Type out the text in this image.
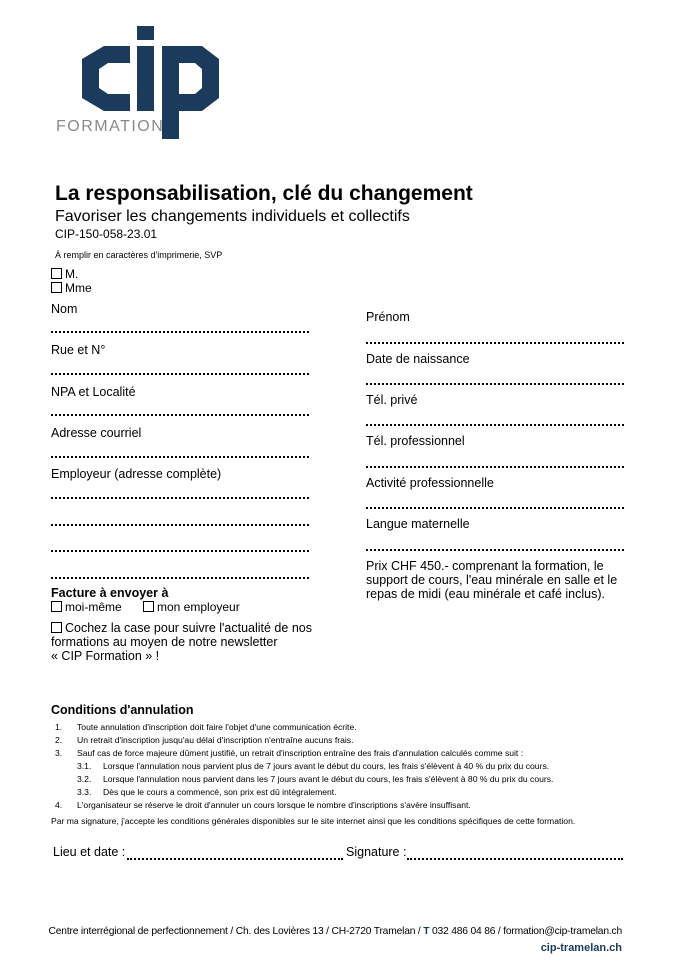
FORMATION
La responsabilisation, clé du changement
Favoriser les changements individuels et collectifs
CIP-150-058-23.01
À remplir en caractères d'imprimerie, SVP
M.
Mme
Nom
Rue et N°
NPA et Localité
Adresse courriel
Employeur (adresse complète)
Prénom
Date de naissance
Tél. privé
Tél. professionnel
Activité professionnelle
Langue maternelle
Prix CHF 450.- comprenant la formation, le support de cours, l'eau minérale en salle et le repas de midi (eau minérale et café inclus).
Facture à envoyer à
moi-même	mon employeur
Cochez la case pour suivre l'actualité de nos
formations au moyen de notre newsletter
« CIP Formation » !
Conditions d'annulation
1. Toute annulation d'inscription doit faire l'objet d'une communication écrite.
2. Un retrait d'inscription jusqu'au délai d'inscription n'entraîne aucuns frais.
3. Sauf cas de force majeure dûment justifié, un retrait d'inscription entraîne des frais d'annulation calculés comme suit :
3.1. Lorsque l'annulation nous parvient plus de 7 jours avant le début du cours, les frais s'élèvent à 40 % du prix du cours.
3.2. Lorsque l'annulation nous parvient dans les 7 jours avant le début du cours, les frais s'élèvent à 80 % du prix du cours.
3.3. Dès que le cours a commencé, son prix est dû intégralement.
4. L'organisateur se réserve le droit d'annuler un cours lorsque le nombre d'inscriptions s'avère insuffisant.
Par ma signature, j'accepte les conditions générales disponibles sur le site internet ainsi que les conditions spécifiques de cette formation.
Lieu et date :	Signature :
Centre interrégional de perfectionnement / Ch. des Lovières 13 / CH-2720 Tramelan / T 032 486 04 86 / formation@cip-tramelan.ch
cip-tramelan.ch
